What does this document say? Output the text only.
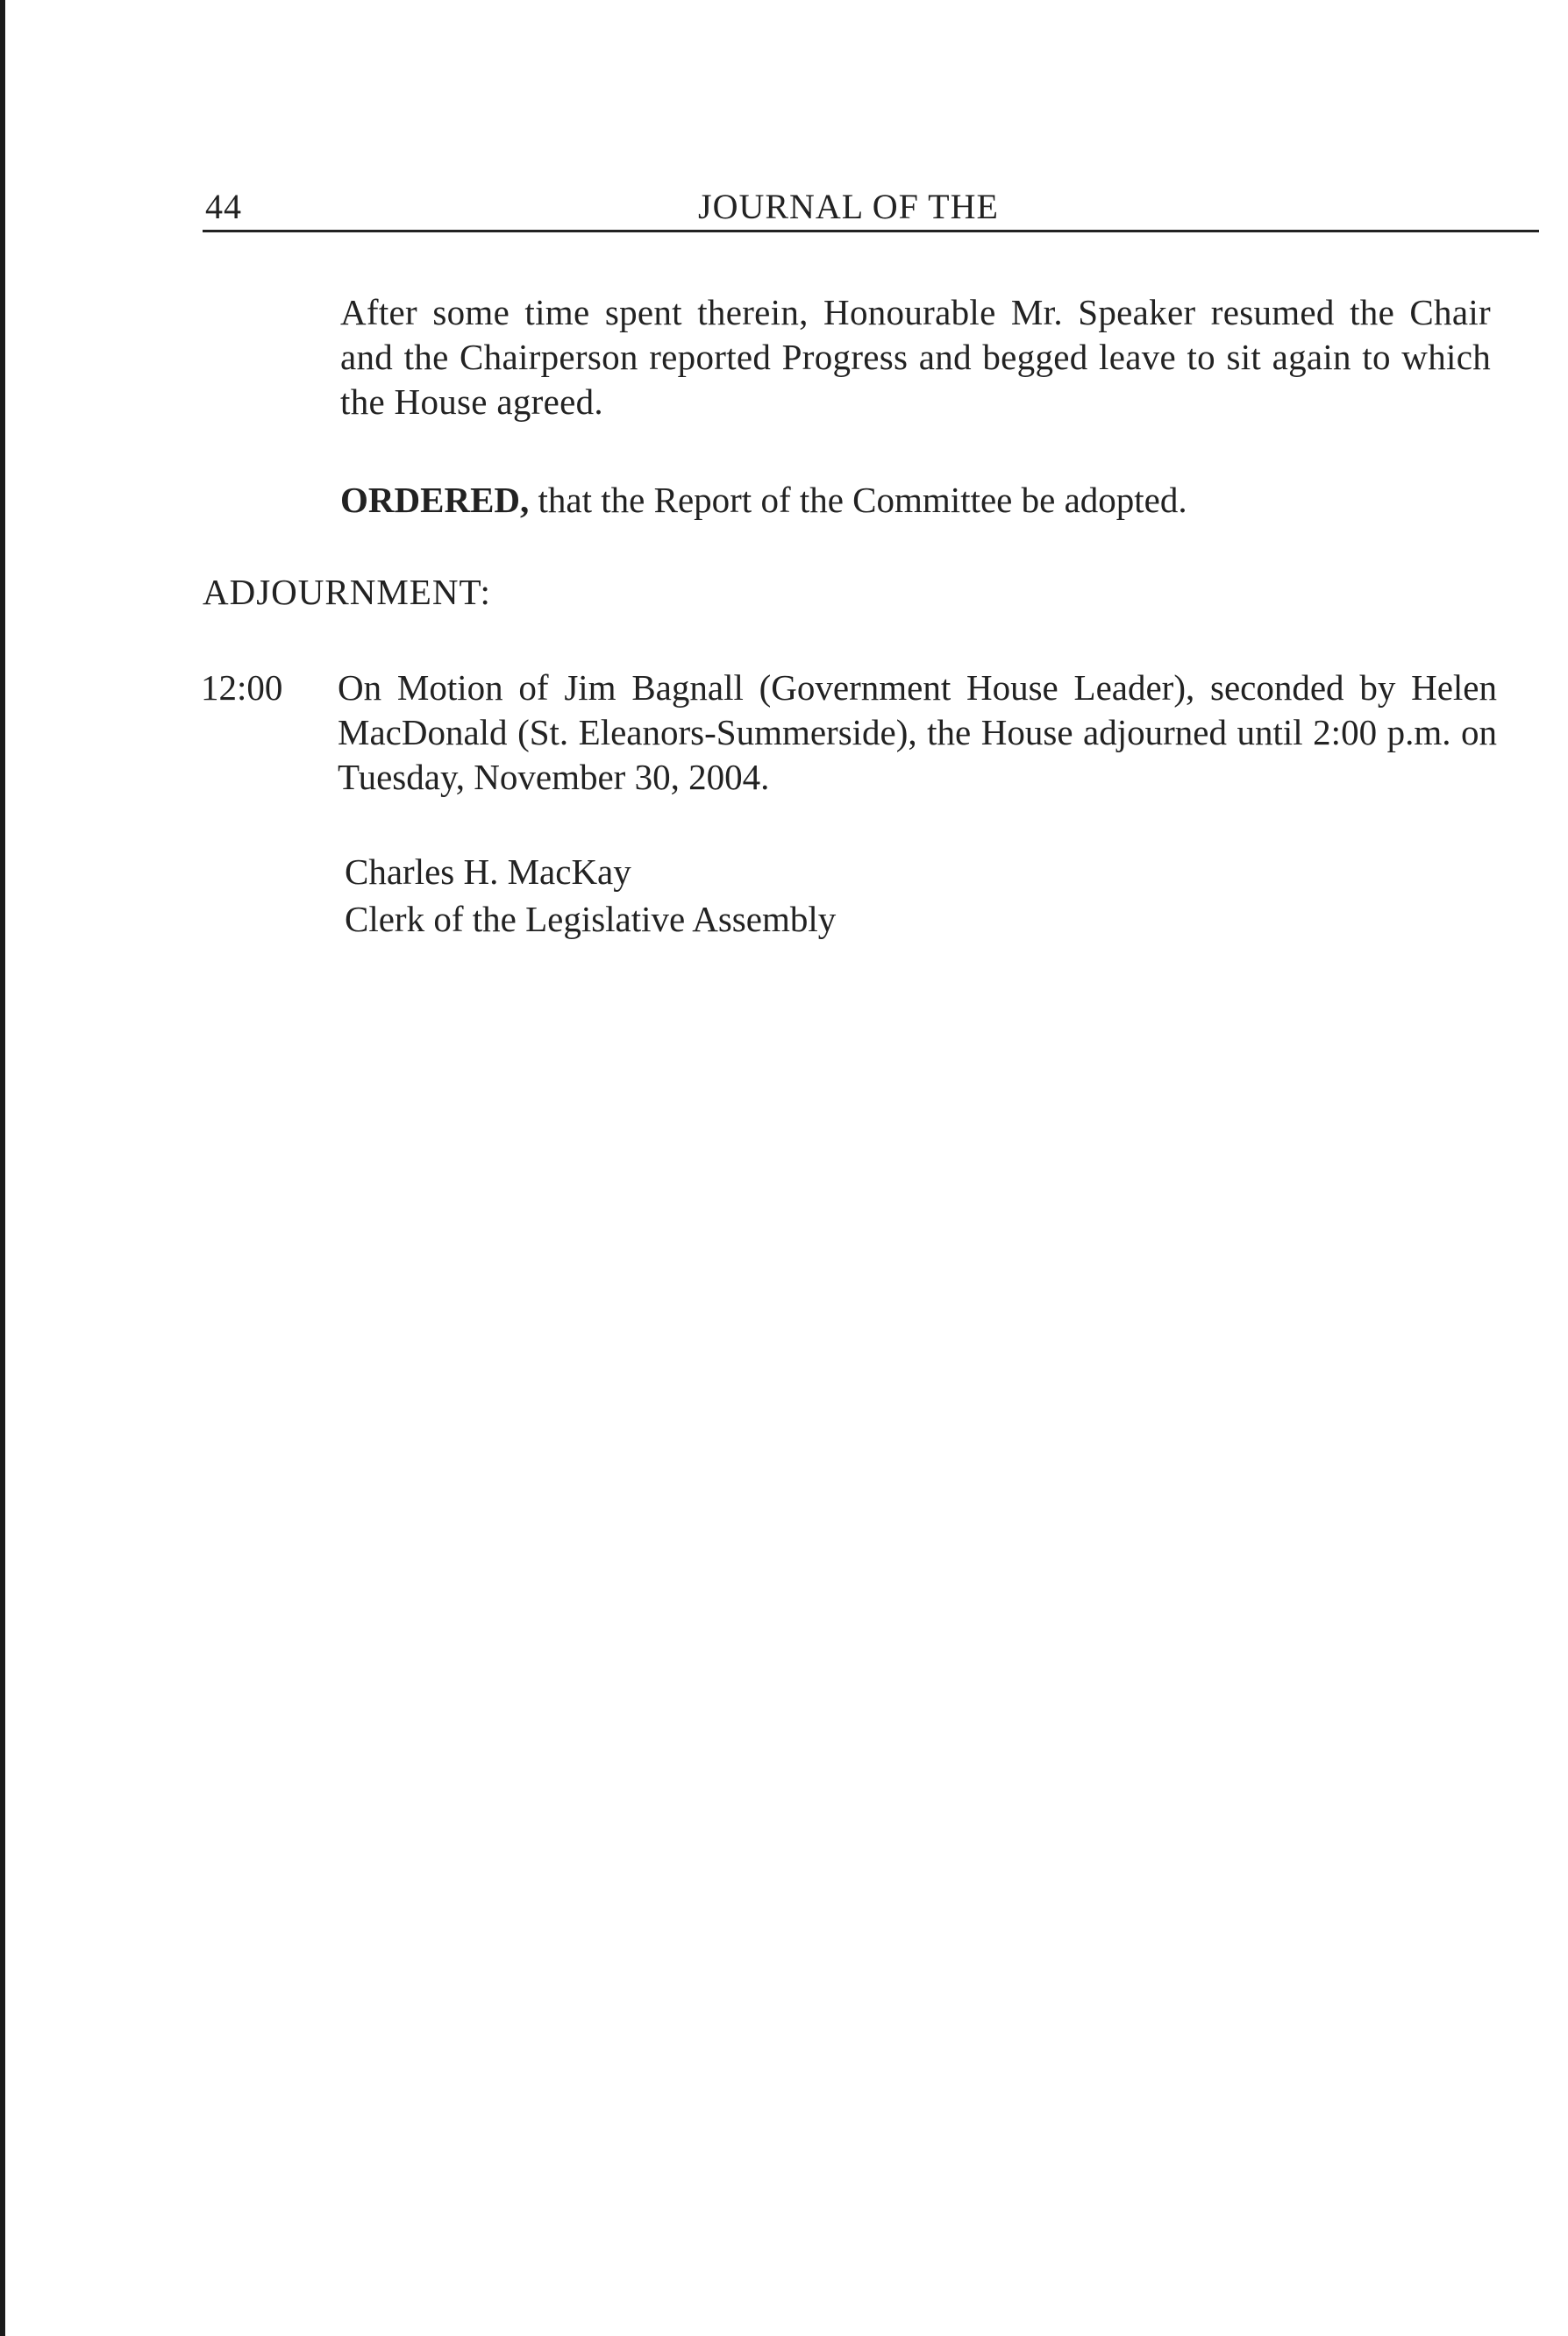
44	JOURNAL OF THE

After some time spent therein, Honourable Mr. Speaker resumed the Chair and the Chairperson reported Progress and begged leave to sit again to which the House agreed.

ORDERED, that the Report of the Committee be adopted.

ADJOURNMENT:
12:00 On Motion of Jim Bagnall (Government House Leader), seconded by Helen MacDonald (St. Eleanors-Summerside), the House adjourned until 2:00 p.m. on Tuesday, November 30, 2004.

Charles H. MacKay
Clerk of the Legislative Assembly
